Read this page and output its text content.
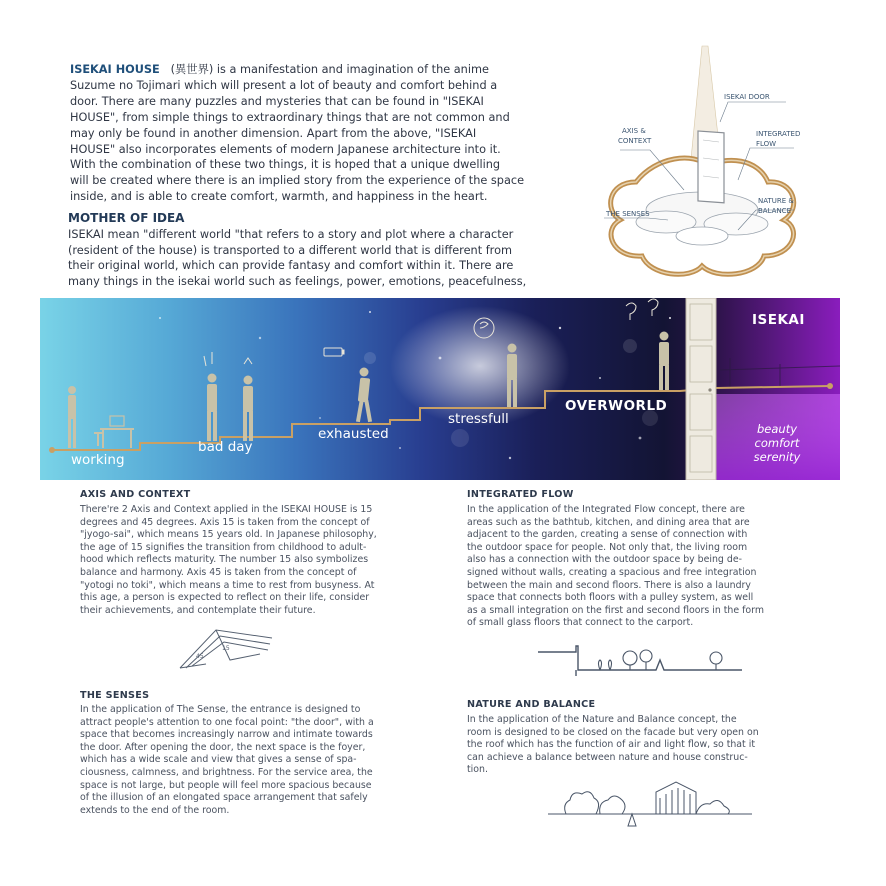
ISEKAI HOUSE (異世界) is a manifestation and imagination of the anime
Suzume no Tojimari which will present a lot of beauty and comfort behind a
door. There are many puzzles and mysteries that can be found in "ISEKAI
HOUSE", from simple things to extraordinary things that are not common and
may only be found in another dimension. Apart from the above, "ISEKAI
HOUSE" also incorporates elements of modern Japanese architecture into it.
With the combination of these two things, it is hoped that a unique dwelling
will be created where there is an implied story from the experience of the space
inside, and is able to create comfort, warmth, and happiness in the heart.
MOTHER OF IDEA
ISEKAI mean "different world "that refers to a story and plot where a character
(resident of the house) is transported to a different world that is different from
their original world, which can provide fantasy and comfort within it. There are
many things in the isekai world such as feelings, power, emotions, peacefulness,
ISEKAI DOOR
AXIS &
CONTEXT
INTEGRATED
FLOW
THE SENSES
NATURE &
BALANCE
working
bad day
exhausted
stressfull
OVERWORLD
ISEKAI
beauty
comfort
serenity
AXIS AND CONTEXT
There're 2 Axis and Context applied in the ISEKAI HOUSE is 15
degrees and 45 degrees. Axis 15 is taken from the concept of
"jyogo-sai", which means 15 years old. In Japanese philosophy,
the age of 15 signifies the transition from childhood to adult-
hood which reflects maturity. The number 15 also symbolizes
balance and harmony. Axis 45 is taken from the concept of
"yotogi no toki", which means a time to rest from busyness. At
this age, a person is expected to reflect on their life, consider
their achievements, and contemplate their future.
45
15
THE SENSES
In the application of The Sense, the entrance is designed to
attract people's attention to one focal point: "the door", with a
space that becomes increasingly narrow and intimate towards
the door. After opening the door, the next space is the foyer,
which has a wide scale and view that gives a sense of spa-
ciousness, calmness, and brightness. For the service area, the
space is not large, but people will feel more spacious because
of the illusion of an elongated space arrangement that safely
extends to the end of the room.
INTEGRATED FLOW
In the application of the Integrated Flow concept, there are
areas such as the bathtub, kitchen, and dining area that are
adjacent to the garden, creating a sense of connection with
the outdoor space for people. Not only that, the living room
also has a connection with the outdoor space by being de-
signed without walls, creating a spacious and free integration
between the main and second floors. There is also a laundry
space that connects both floors with a pulley system, as well
as a small integration on the first and second floors in the form
of small glass floors that connect to the carport.
NATURE AND BALANCE
In the application of the Nature and Balance concept, the
room is designed to be closed on the facade but very open on
the roof which has the function of air and light flow, so that it
can achieve a balance between nature and house construc-
tion.
